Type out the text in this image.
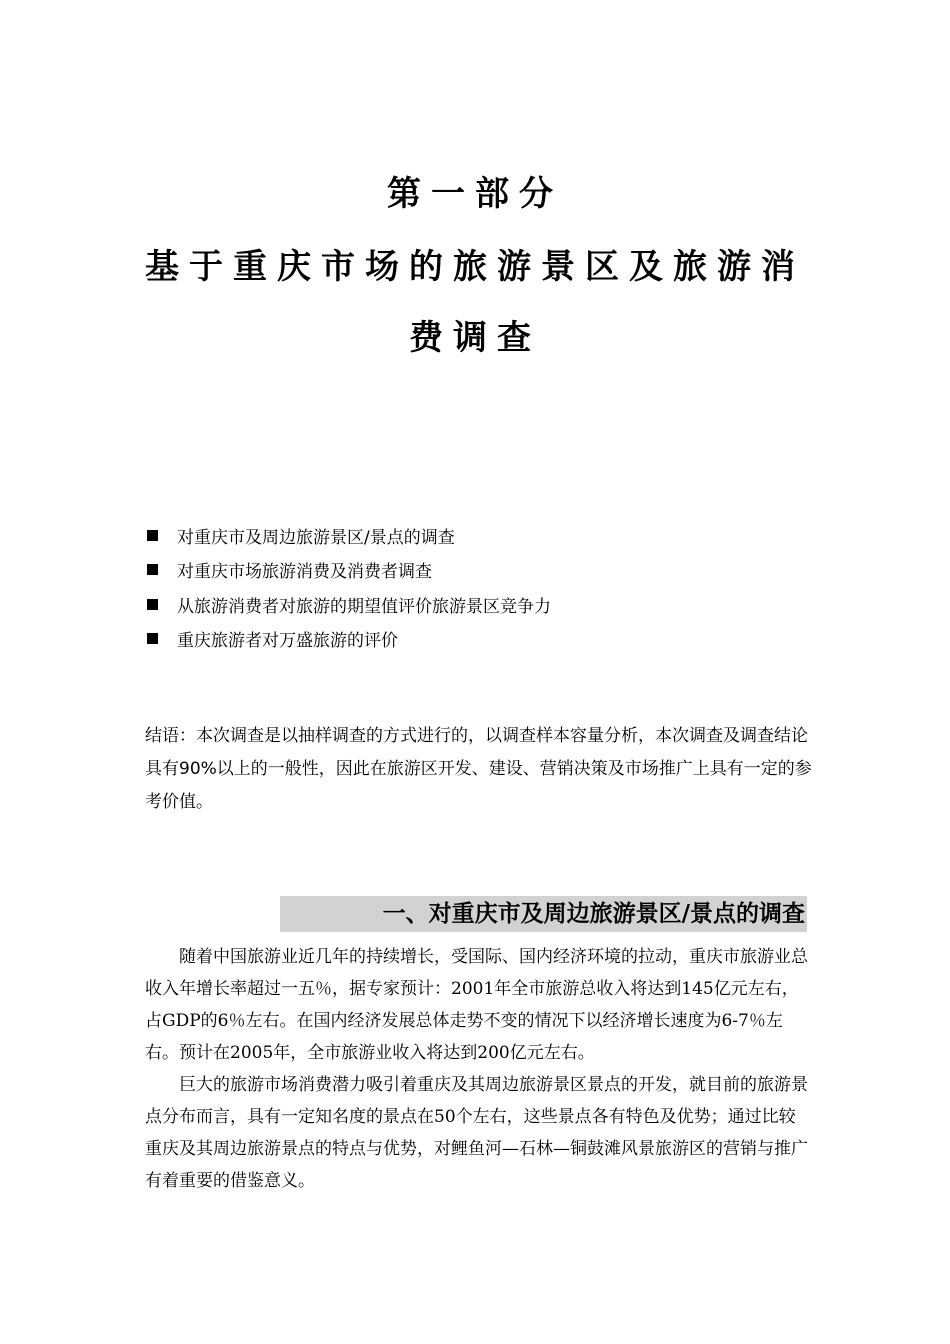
第一部分
基于重庆市场的旅游景区及旅游消
费调查
对重庆市及周边旅游景区/景点的调查
对重庆市场旅游消费及消费者调查
从旅游消费者对旅游的期望值评价旅游景区竞争力
重庆旅游者对万盛旅游的评价
结语：本次调查是以抽样调查的方式进行的，以调查样本容量分析，本次调查及调查结论具有90%以上的一般性，因此在旅游区开发、建设、营销决策及市场推广上具有一定的参考价值。
一、对重庆市及周边旅游景区/景点的调查

随着中国旅游业近几年的持续增长，受国际、国内经济环境的拉动，重庆市旅游业总收入年增长率超过一五％，据专家预计：2001年全市旅游总收入将达到145亿元左右，占GDP的6％左右。在国内经济发展总体走势不变的情况下以经济增长速度为6-7％左右。预计在2005年，全市旅游业收入将达到200亿元左右。

巨大的旅游市场消费潜力吸引着重庆及其周边旅游景区景点的开发，就目前的旅游景点分布而言，具有一定知名度的景点在50个左右，这些景点各有特色及优势；通过比较重庆及其周边旅游景点的特点与优势，对鲤鱼河—石林—铜鼓滩风景旅游区的营销与推广有着重要的借鉴意义。
